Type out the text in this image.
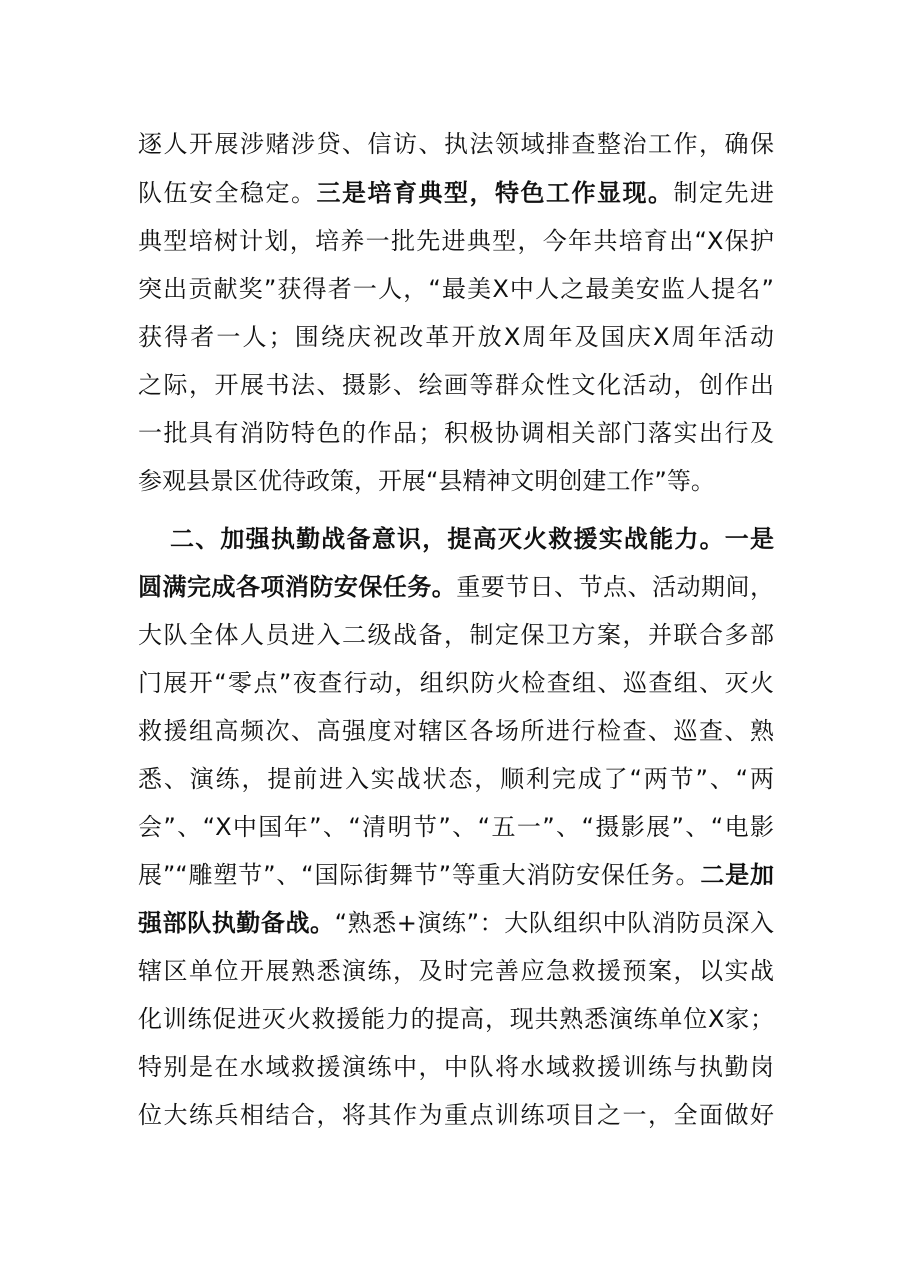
逐人开展涉赌涉贷、信访、执法领域排查整治工作，确保
队伍安全稳定。三是培育典型，特色工作显现。制定先进
典型培树计划，培养一批先进典型，今年共培育出“X保护
突出贡献奖”获得者一人，“最美X中人之最美安监人提名”
获得者一人；围绕庆祝改革开放X周年及国庆X周年活动
之际，开展书法、摄影、绘画等群众性文化活动，创作出
一批具有消防特色的作品；积极协调相关部门落实出行及
参观县景区优待政策，开展“县精神文明创建工作”等。
二、加强执勤战备意识，提高灭火救援实战能力。一是
圆满完成各项消防安保任务。重要节日、节点、活动期间，
大队全体人员进入二级战备，制定保卫方案，并联合多部
门展开“零点”夜查行动，组织防火检查组、巡查组、灭火
救援组高频次、高强度对辖区各场所进行检查、巡查、熟
悉、演练，提前进入实战状态，顺利完成了“两节”、“两
会”、“X中国年”、“清明节”、“五一”、“摄影展”、“电影
展”“雕塑节”、“国际街舞节”等重大消防安保任务。二是加
强部队执勤备战。“熟悉+演练”：大队组织中队消防员深入
辖区单位开展熟悉演练，及时完善应急救援预案，以实战
化训练促进灭火救援能力的提高，现共熟悉演练单位X家；
特别是在水域救援演练中，中队将水域救援训练与执勤岗
位大练兵相结合，将其作为重点训练项目之一，全面做好
